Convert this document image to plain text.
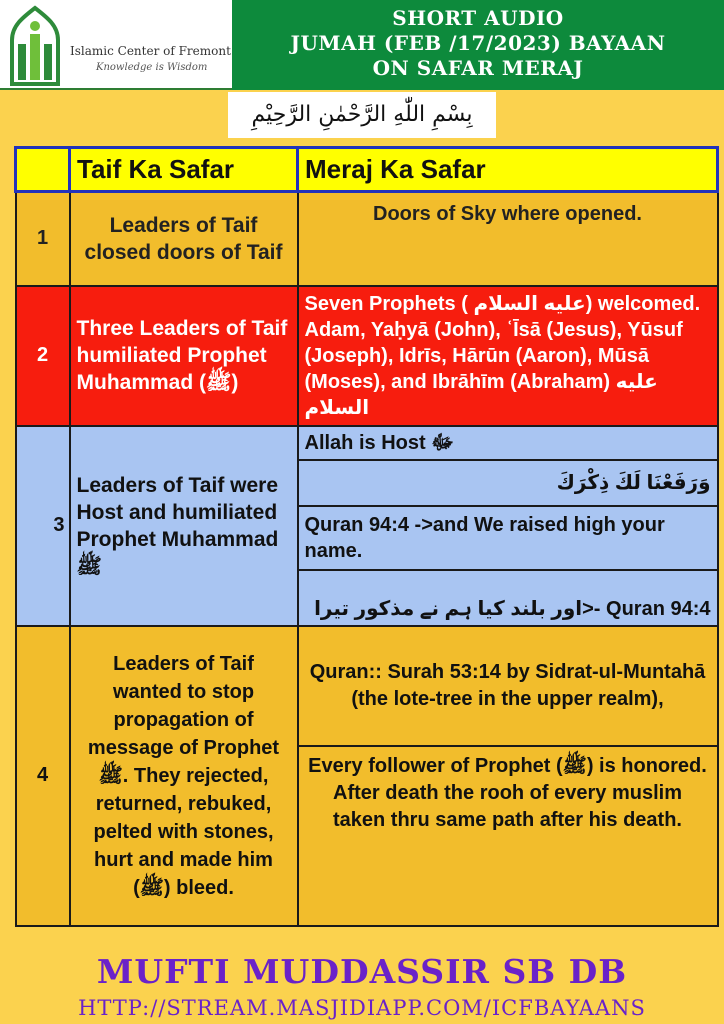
Islamic Center of Fremont
Knowledge is Wisdom
SHORT AUDIO
JUMAH (FEB /17/2023) BAYAAN
ON SAFAR MERAJ
بِسْمِ اللّٰهِ الرَّحْمٰنِ الرَّحِيْمِ
	Taif Ka Safar	Meraj Ka Safar
1	Leaders of Taif closed doors of Taif	Doors of Sky where opened.
2	Three Leaders of Taif humiliated Prophet Muhammad (ﷺ)	Seven Prophets ( عليه السلام) welcomed. Adam, Yaḥyā (John), ʿĪsā (Jesus), Yūsuf (Joseph), Idrīs, Hārūn (Aaron), Mūsā (Moses), and Ibrāhīm (Abraham) عليه السلام
3	Leaders of Taif were Host and humiliated Prophet Muhammad ﷺ	Allah is Host ﷻ
		وَرَفَعْنَا لَكَ ذِكْرَكَ
		Quran 94:4 ->and We raised high your name.
		Quran 94:4 -<اور بلند کیا ہم نے مذکور تیرا
4	Leaders of Taif wanted to stop propagation of message of Prophet ﷺ. They rejected, returned, rebuked, pelted with stones, hurt and made him (ﷺ) bleed.	Quran:: Surah 53:14 by Sidrat-ul-Muntahā (the lote-tree in the upper realm),
		Every follower of Prophet (ﷺ) is honored. After death the rooh of every muslim taken thru same path after his death.
MUFTI MUDDASSIR SB DB
HTTP://STREAM.MASJIDIAPP.COM/ICFBAYAANS
